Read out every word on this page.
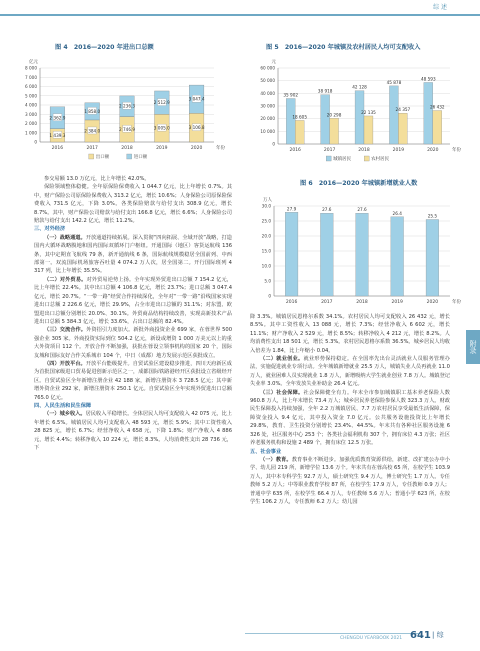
综 述
图 4　2016—2020 年进出口总额
亿元
0
1 000
2 000
3 000
4 000
5 000
6 000
7 000
8 000
2016	2017	2018	2019	2020	年份
1 439.3
2 362.9
2 384.0
1 858.0
2 746.9
2 236.3
3 005.0
2 512.9
3 106.8
3 047.4
出口额	进口额
图 5　2016—2020 年城镇及农村居民人均可支配收入
元
0
10 000
20 000
30 000
40 000
50 000
60 000
2016	2017	2018	2019	2020	年份
35 902
18 605
38 918
20 298
42 128
22 135
45 878
24 357
48 593
26 432
城镇居民	农村居民
图 6　2016—2020 年城镇新增就业人数
万人
0
5.0
10.0
15.0
20.0
25.0
30.0
2016	2017	2018	2019	2020	年份
27.9	27.6	27.6
26.4
25.5

参交易额 13.0 万亿元，比上年增长 42.0%。

保险领域整体稳健。全年原保险保费收入 1 044.7 亿元，比上年增长 0.7%。其中，财产保险公司原保险保费收入 313.2 亿元，增长 10.6%；人身保险公司原保险保费收入 731.5 亿元，下降 3.0%。各类保险赔款与给付支出 308.9 亿元，增长 8.7%。其中，财产保险公司赔款与给付支出 166.8 亿元，增长 6.6%；人身保险公司赔款与给付支出 142.2 亿元，增长 11.2%。

三、对外经济

（一）战略通道。开放通道持续拓展。深入贯彻“四向拓展、全域开放”战略，打造国内大循环战略腹地和国内国际双循环门户枢纽。开通国际（地区）客货运航线 136 条，其中定期直飞航线 79 条，新开通航线 6 条，国际航线规模稳居全国前列、中西部第一。双流国际机场旅客吞吐量 4 074.2 万人次，居全国第二。开行国际班列 4 317 列，比上年增长 35.5%。

（二）对外贸易。对外贸易逆势上扬。全年实现外贸进出口总额 7 154.2 亿元，比上年增长 22.4%。其中出口总额 4 106.8 亿元，增长 23.7%；进口总额 3 047.4 亿元，增长 20.7%。“一带一路”经贸合作持续深化，全年对“一带一路”沿线国家实现进出口总额 2 226.6 亿元，增长 29.9%，占全市进出口总额的 31.1%；对东盟、欧盟进出口总额分别增长 20.0%、30.1%。外贸商品结构持续改善，实现高新技术产品进出口总额 5 384.3 亿元，增长 33.6%，占出口总额的 82.4%。

（三）交流合作。外资招引力度加大。新批外商投资企业 699 家，在蓉世界 500 强企业 305 家。外商投资实际到位 504.2 亿元，新设或增资 1 000 万美元以上的重大外资项目 112 个。开放合作不断加强，获批在蓉设立领事机构的国家 20 个，国际友城和国际友好合作关系城市 104 个，中日（成都）地方发展示范区获批成立。

（四）开放平台。开放平台能级提升。自贸试验区建设稳步推进，四川天府新区成为首批国家级进口贸易促进创新示范区之一，成都国际铁路港经开区获批设立省级经开区。自贸试验区全年新增注册企业 42 188 家，新增注册资本 3 728.5 亿元；其中新增外资企业 292 家，新增注册资本 250.1 亿元。自贸试验区全年实现外贸进出口总额 765.0 亿元。

四、人民生活和民生保障

（一）城乡收入。居民收入平稳增长。全体居民人均可支配收入 42 075 元，比上年增长 6.5%。城镇居民人均可支配收入 48 593 元，增长 5.9%；其中工资性收入 28 825 元，增长 6.7%；经营净收入 4 658 元，下降 1.8%；财产净收入 4 886 元，增长 4.4%；转移净收入 10 224 元，增长 8.3%。人均消费性支出 28 736 元，下

降 3.3%。城镇居民恩格尔系数 34.1%。农村居民人均可支配收入 26 432 元，增长 8.5%。其中工资性收入 13 088 元，增长 7.3%；经营净收入 6 602 元，增长 11.1%；财产净收入 2 529 元，增长 8.5%；转移净收入 4 212 元，增长 8.2%。人均消费性支出 18 501 元，增长 5.3%。农村居民恩格尔系数 36.5%。城乡居民人均收入倍差为 1.84，比上年缩小 0.04。

（二）就业创业。就业形势保持稳定。在全国率先出台灵活就业人员服务管理办法，实施促进就业专项行动。全年城镇新增就业 25.5 万人，城镇失业人员再就业 11.0 万人，就业困难人员实现就业 1.8 万人，新增吸纳大学生就业创业 7.8 万人。城镇登记失业率 3.0%。全年发放失业补助金 26.4 亿元。

（三）社会保障。社会保障健全有力。年末全市参加城镇职工基本养老保险人数 960.8 万人，比上年末增长 73.4 万人；城乡居民养老保险参保人数 323.3 万人。财政民生保障投入持续加强，全年 2.2 万城镇居民、7.7 万农村居民享受最低生活保障，保障资金投入 9.4 亿元，其中投入资金 7.0 亿元。公共服务设施投资比上年增长 29.8%，教育、卫生投资分别增长 23.4%、44.5%。年末共有各种社区服务设施 6 326 处，社区服务中心 253 个；各类社会福利机构 307 个，拥有床位 4.3 万张；社区养老服务机构和设施 2 489 个，拥有床位 12.5 万张。

五、社会事业

（一）教育。教育事业不断进步。加强优质教育资源供给，新建、改扩建公办中小学、幼儿园 219 所，新增学位 13.6 万个。年末共有在蓉高校 65 所，在校学生 103.9 万人，其中本专科学生 92.7 万人，硕士研究生 9.4 万人，博士研究生 1.7 万人。专任教师 5.2 万人；中等职业教育学校 87 所，在校学生 17.9 万人，专任教师 0.9 万人；普通中学 635 所，在校学生 66.4 万人，专任教师 5.6 万人；普通小学 623 所，在校学生 106.2 万人，专任教师 6.2 万人；幼儿园

附录
CHENGDU YEARBOOK 2021 641 | 综
